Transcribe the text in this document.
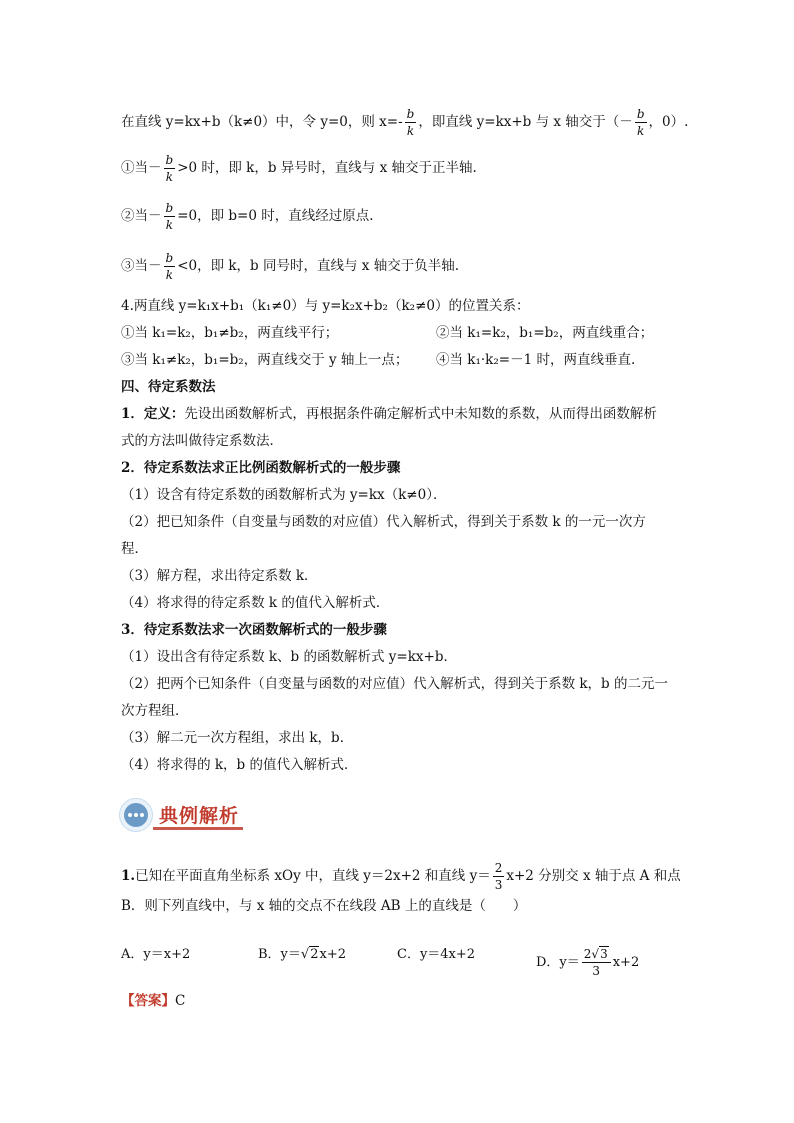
在直线 y=kx+b（k≠0）中，令 y=0，则 $x=- \frac{b}{k}$ ，即直线 y=kx+b 与 x 轴交于（－ $\frac{b}{k}$ ，0）.
①当－ $\frac{b}{k} >0$ 时，即 k，b 异号时，直线与 x 轴交于正半轴.
②当－ $\frac{b}{k} =0$，即 b=0 时，直线经过原点.
③当－ $\frac{b}{k} <0$，即 k，b 同号时，直线与 x 轴交于负半轴.
4.两直线 y=k₁x+b₁（k₁≠0）与 y=k₂x+b₂（k₂≠0）的位置关系：
①当 k₁=k₂，b₁≠b₂，两直线平行；	②当 k₁=k₂，b₁=b₂，两直线重合；
③当 k₁≠k₂，b₁=b₂，两直线交于 y 轴上一点； ④当 k₁·k₂=－1 时，两直线垂直.
四、待定系数法
1．定义：先设出函数解析式，再根据条件确定解析式中未知数的系数，从而得出函数解析
式的方法叫做待定系数法．
2．待定系数法求正比例函数解析式的一般步骤
（1）设含有待定系数的函数解析式为 y=kx（k≠0）．
（2）把已知条件（自变量与函数的对应值）代入解析式，得到关于系数 k 的一元一次方
程．
（3）解方程，求出待定系数 k．
（4）将求得的待定系数 k 的值代入解析式．
3．待定系数法求一次函数解析式的一般步骤
（1）设出含有待定系数 k、b 的函数解析式 y=kx+b．
（2）把两个已知条件（自变量与函数的对应值）代入解析式，得到关于系数 k，b 的二元一
次方程组．
（3）解二元一次方程组，求出 k，b．
（4）将求得的 k，b 的值代入解析式．
典例解析
1.已知在平面直角坐标系 xOy 中，直线 y＝2x+2 和直线 $y= \frac{2}{3} x+2$ 分别交 x 轴于点 A 和点
B．则下列直线中，与 x 轴的交点不在线段 AB 上的直线是（　　）
A．y＝x+2	B．y＝√2x+2	C．y＝4x+2
D．$y= \frac{2√3}{3} x+2$
【答案】C
